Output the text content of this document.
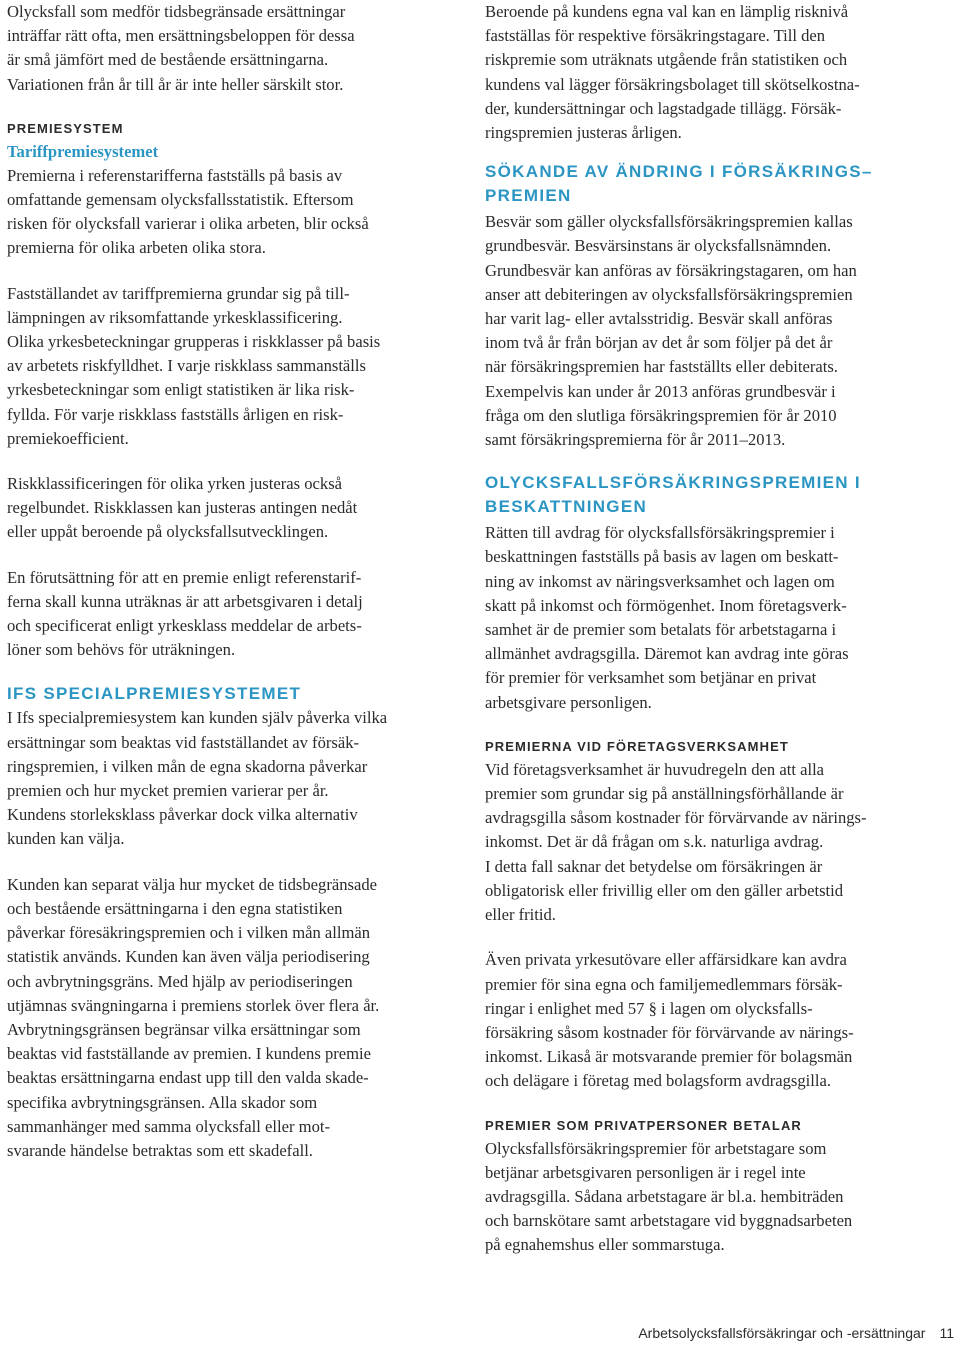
Olycksfall som medför tidsbegränsade ersättningar
inträffar rätt ofta, men ersättningsbeloppen för dessa
är små jämfört med de bestående ersättningarna.
Variationen från år till år är inte heller särskilt stor.

PREMIESYSTEM
Tariffpremiesystemet

Premierna i referenstarifferna fastställs på basis av
omfattande gemensam olycksfallsstatistik. Eftersom
risken för olycksfall varierar i olika arbeten, blir också
premierna för olika arbeten olika stora.

Fastställandet av tariffpremierna grundar sig på till-
lämpningen av riksomfattande yrkesklassificering.
Olika yrkesbeteckningar grupperas i riskklasser på basis
av arbetets riskfylldhet. I varje riskklass sammanställs
yrkesbeteckningar som enligt statistiken är lika risk-
fyllda. För varje riskklass fastställs årligen en risk-
premiekoefficient.

Riskklassificeringen för olika yrken justeras också
regelbundet. Riskklassen kan justeras antingen nedåt
eller uppåt beroende på olycksfallsutvecklingen.

En förutsättning för att en premie enligt referenstarif-
ferna skall kunna uträknas är att arbetsgivaren i detalj
och specificerat enligt yrkesklass meddelar de arbets-
löner som behövs för uträkningen.

IFS SPECIALPREMIESYSTEMET

I Ifs specialpremiesystem kan kunden själv påverka vilka
ersättningar som beaktas vid fastställandet av försäk-
ringspremien, i vilken mån de egna skadorna påverkar
premien och hur mycket premien varierar per år.
Kundens storleksklass påverkar dock vilka alternativ
kunden kan välja.

Kunden kan separat välja hur mycket de tidsbegränsade
och bestående ersättningarna i den egna statistiken
påverkar föresäkringspremien och i vilken mån allmän
statistik används. Kunden kan även välja periodisering
och avbrytningsgräns. Med hjälp av periodiseringen
utjämnas svängningarna i premiens storlek över flera år.
Avbrytningsgränsen begränsar vilka ersättningar som
beaktas vid fastställande av premien. I kundens premie
beaktas ersättningarna endast upp till den valda skade-
specifika avbrytningsgränsen. Alla skador som
sammanhänger med samma olycksfall eller mot-
svarande händelse betraktas som ett skadefall.

Beroende på kundens egna val kan en lämplig risknivå
fastställas för respektive försäkringstagare. Till den
riskpremie som uträknats utgående från statistiken och
kundens val lägger försäkringsbolaget till skötselkostna-
der, kundersättningar och lagstadgade tillägg. Försäk-
ringspremien justeras årligen.

SÖKANDE AV ÄNDRING I FÖRSÄKRINGS–
PREMIEN

Besvär som gäller olycksfallsförsäkringspremien kallas
grundbesvär. Besvärsinstans är olycksfallsnämnden.
Grundbesvär kan anföras av försäkringstagaren, om han
anser att debiteringen av olycksfallsförsäkringspremien
har varit lag- eller avtalsstridig. Besvär skall anföras
inom två år från början av det år som följer på det år
när försäkringspremien har fastställts eller debiterats.
Exempelvis kan under år 2013 anföras grundbesvär i
fråga om den slutliga försäkringspremien för år 2010
samt försäkringspremierna för år 2011–2013.

OLYCKSFALLSFÖRSÄKRINGSPREMIEN I
BESKATTNINGEN

Rätten till avdrag för olycksfallsförsäkringspremier i
beskattningen fastställs på basis av lagen om beskatt-
ning av inkomst av näringsverksamhet och lagen om
skatt på inkomst och förmögenhet. Inom företagsverk-
samhet är de premier som betalats för arbetstagarna i
allmänhet avdragsgilla. Däremot kan avdrag inte göras
för premier för verksamhet som betjänar en privat
arbetsgivare personligen.

PREMIERNA VID FÖRETAGSVERKSAMHET

Vid företagsverksamhet är huvudregeln den att alla
premier som grundar sig på anställningsförhållande är
avdragsgilla såsom kostnader för förvärvande av närings-
inkomst. Det är då frågan om s.k. naturliga avdrag.
I detta fall saknar det betydelse om försäkringen är
obligatorisk eller frivillig eller om den gäller arbetstid
eller fritid.

Även privata yrkesutövare eller affärsidkare kan avdra
premier för sina egna och familjemedlemmars försäk-
ringar i enlighet med 57 § i lagen om olycksfalls-
försäkring såsom kostnader för förvärvande av närings-
inkomst. Likaså är motsvarande premier för bolagsmän
och delägare i företag med bolagsform avdragsgilla.

PREMIER SOM PRIVATPERSONER BETALAR

Olycksfallsförsäkringspremier för arbetstagare som
betjänar arbetsgivaren personligen är i regel inte
avdragsgilla. Sådana arbetstagare är bl.a. hembiträden
och barnskötare samt arbetstagare vid byggnadsarbeten
på egnahemshus eller sommarstuga.

Arbetsolycksfallsförsäkringar och -ersättningar 11
